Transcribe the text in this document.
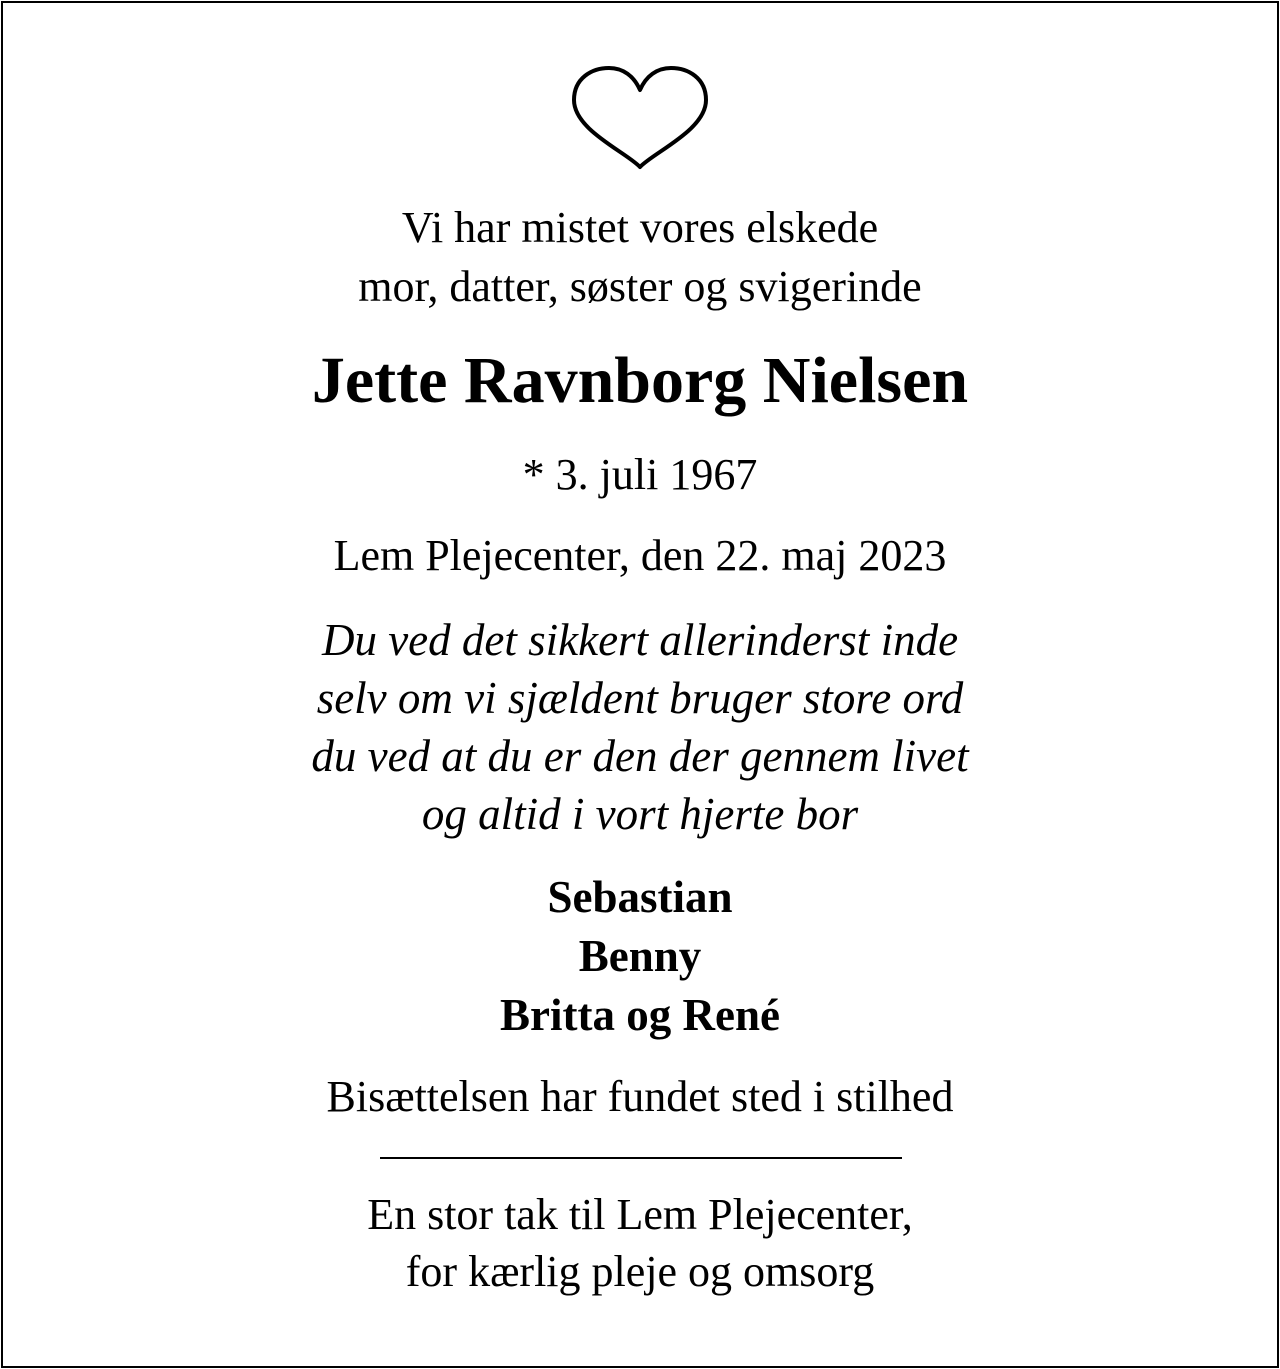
Vi har mistet vores elskede
mor, datter, søster og svigerinde
Jette Ravnborg Nielsen
* 3. juli 1967
Lem Plejecenter, den 22. maj 2023
Du ved det sikkert allerinderst inde
selv om vi sjældent bruger store ord
du ved at du er den der gennem livet
og altid i vort hjerte bor
Sebastian
Benny
Britta og René
Bisættelsen har fundet sted i stilhed
En stor tak til Lem Plejecenter,
for kærlig pleje og omsorg
